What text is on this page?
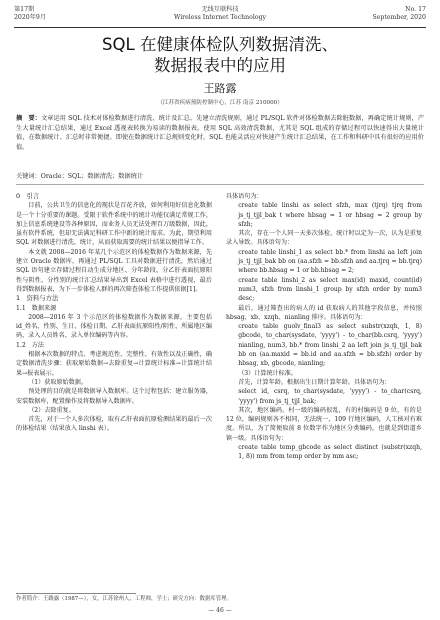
第17期
2020年9月
无线互联科技
Wireless Internet Technology
No. 17
September, 2020
SQL 在健康体检队列数据清洗、
数据报表中的应用
王路露
（江苏省疾病预防控制中心，江苏 南京 210000）
摘　要：文章运用 SQL 技术对体检数据进行清洗、统计及汇总。先建立清洗规则，通过 PL/SQL 软件对体检数据去除脏数据，再确定统计规则，产生大量统计汇总结果，通过 Excel 透视表转换为易读的数据报表。使用 SQL 高效清洗数据，尤其是 SQL 组成的存储过程可以快速得出大量统计值，在数据统计、汇总时非常便捷。即使在数据统计汇总规则变化时，SQL 也能灵活应对快速产生统计汇总结果，在工作和科研中具有很好的应用价值。
关键词：Oracle；SQL；数据清洗；数据统计

0　引言

目前，公共卫生的信息化的现状是百花齐放，如何利用好信息化数据是一个十分重要的课题。受限于软件系统中的统计功能仅满足常规工作，加上信息系统建设等各种原因，而业务人员无法处理百万级数据，因此，虽有软件系统，但却无法满足科研工作中新的统计需求。为此，期望利用 SQL 对数据进行清洗、统计，从而获取需要的统计结果以便指导工作。

本文就 2008—2016 年某几个示范区的体检数据作为数据来源，先建立 Oracle 数据库，再通过 PL/SQL 工具对数据进行清洗，然后通过 SQL 语句建立存储过程自动生成分地区、分年龄段、分乙肝表面抗原阳性与阴性、分性别的统计汇总结果导出到 Excel 表格中进行透视，最后得到数据报表，为下一步体检人群的再次筛查体检工作提供依据[1]。

1　资料与方法

1.1　数据来源

2008—2016 年 3 个示范区的体检数据作为数据来源，主要包括 id_姓名、性别、生日、体检日期、乙肝表面抗原阳性/阴性、所属地区编码，录入人员姓名、录入单位编码等内容。

1.2　方法

根据本次数据的特点、考虑规范性、完整性、有效性以及正确性，确定数据清洗步骤：获取原始数据→去除重复→计算统计标准→计算统计结果→报表展示。

（1）获取原始数据。

预处理的目的就是将数据导入数据库。这个过程包括：建立服务器，安装数据库，配置操作及将数据导入数据库。

（2）去除重复。

首先，对于一个人多次体检，取有乙肝表面抗原检测结果的最后一次的体检结果（结果放入 linshi 表）。

具体语句为：

create table linshi as select sfzh, max (tjrq) tjrq from js_tj_tjjl_bak t where hbsag = 1 or hbsag = 2 group by sfzh;

其次，存在一个人同一天多次体检，统计时以定为一次，认为是重复录入导致。具体语句为：

create table linshi_1 as select bb.* from linshi aa left join js_tj_tjjl_bak bb on (aa.sfzh = bb.sfzh and aa.tjrq = bb.tjrq) where bb.hbsag = 1 or bb.hbsag = 2;

create table linshi_2 as select max(id) maxid, count(id) num3, sfzh from linshi_1 group by sfzh order by num3 desc;

最后，通过筛查出的病人的 id 获取病人的其他字段信息，并按照 hbsag、xb、xzqh、nianling 排序。具体语句为：

create table guolv_final3 as select substr(xzqh, 1, 8) gbcode, to_char(sysdate, 'yyyy') - to_char(bb.csrq, 'yyyy') nianling, num3, bb.* from linshi_2 aa left join js_tj_tjjl_bak bb on (aa.maxid = bb.id and aa.sfzh = bb.sfzh) order by hbsag, xb, gbcode, nianling;

（3）计算统计标准。

首先，计算年龄。根据出生日期计算年龄。具体语句为：

select id, csrq, to_char(sysdate, 'yyyy') - to_char(csrq, 'yyyy') from js_tj_tjjl_bak;

其次，地区编码。村一级的编码很乱，有的村编码是 9 位，有的是 12 位，编码规则各不相同，无法统一，109 行地区编码，人工核对有难度。所以，为了简便取前 8 位数字作为地区分类编码，也就是到街道乡镇一级。具体语句为：

create table temp_gbcode as select distinct (substr(xzqh, 1, 8)) mm from temp order by mm asc;

作者简介：王路露（1987—），女，江苏徐州人，工程师，学士；研究方向：数据库管理。
— 46 —
